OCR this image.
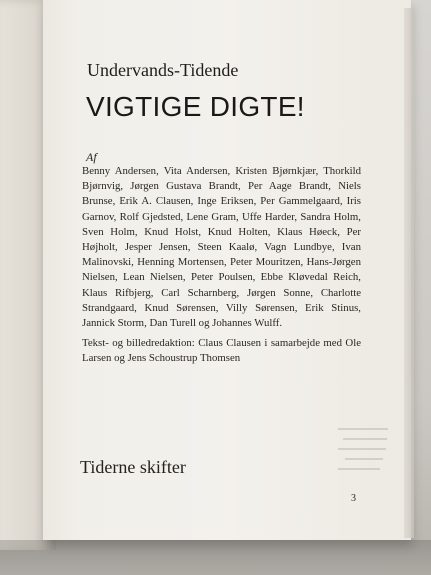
Undervands-Tidende
VIGTIGE DIGTE!
Af
Benny Andersen, Vita Andersen, Kristen Bjørnkjær, Thorkild Bjørnvig, Jørgen Gustava Brandt, Per Aage Brandt, Niels Brunse, Erik A. Clausen, Inge Eriksen, Per Gammelgaard, Iris Garnov, Rolf Gjedsted, Lene Gram, Uffe Harder, Sandra Holm, Sven Holm, Knud Holst, Knud Holten, Klaus Høeck, Per Højholt, Jesper Jensen, Steen Kaalø, Vagn Lundbye, Ivan Malinovski, Henning Mortensen, Peter Mouritzen, Hans-Jørgen Nielsen, Lean Nielsen, Peter Poulsen, Ebbe Kløvedal Reich, Klaus Rifbjerg, Carl Scharnberg, Jørgen Sonne, Charlotte Strandgaard, Knud Sørensen, Villy Sørensen, Erik Stinus, Jannick Storm, Dan Turell og Johannes Wulff.
Tekst- og billedredaktion: Claus Clausen i samarbejde med Ole Larsen og Jens Schoustrup Thomsen
Tiderne skifter
3
